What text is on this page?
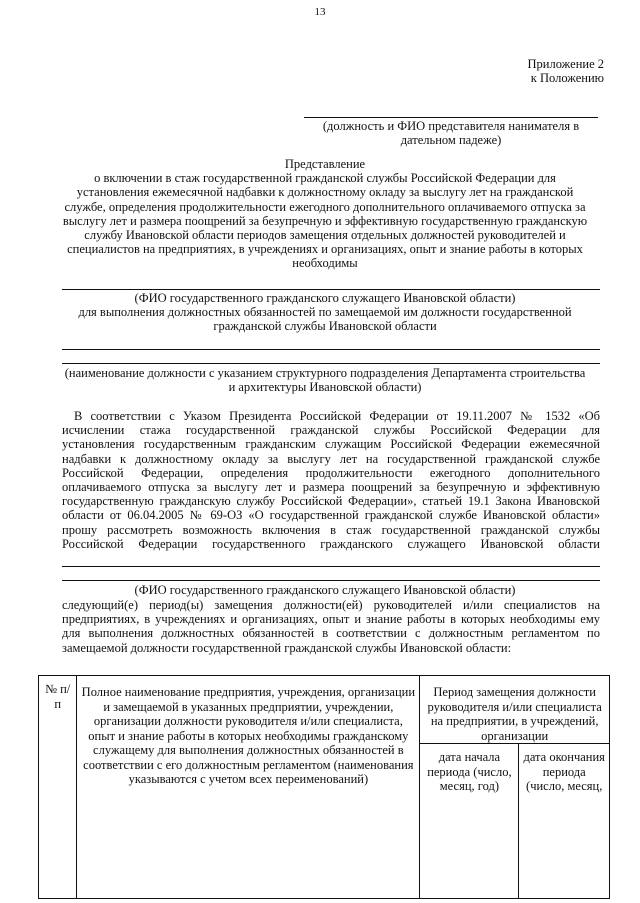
13
Приложение 2
к Положению
(должность и ФИО представителя нанимателя в
дательном падеже)
Представление
о включении в стаж государственной гражданской службы Российской Федерации для
установления ежемесячной надбавки к должностному окладу за выслугу лет на гражданской
службе, определения продолжительности ежегодного дополнительного оплачиваемого отпуска за
выслугу лет и размера поощрений за безупречную и эффективную государственную гражданскую
службу Ивановской области периодов замещения отдельных должностей руководителей и
специалистов на предприятиях, в учреждениях и организациях, опыт и знание работы в которых
необходимы
(ФИО государственного гражданского служащего Ивановской области)
для выполнения должностных обязанностей по замещаемой им должности государственной
гражданской службы Ивановской области
(наименование должности с указанием структурного подразделения Департамента строительства
и архитектуры Ивановской области)
В соответствии с Указом Президента Российской Федерации от 19.11.2007 № 1532 «Об
исчислении стажа государственной гражданской службы Российской Федерации для
установления государственным гражданским служащим Российской Федерации ежемесячной
надбавки к должностному окладу за выслугу лет на государственной гражданской службе
Российской Федерации, определения продолжительности ежегодного дополнительного
оплачиваемого отпуска за выслугу лет и размера поощрений за безупречную и эффективную
государственную гражданскую службу Российской Федерации», статьей 19.1 Закона Ивановской
области от 06.04.2005 № 69-ОЗ «О государственной гражданской службе Ивановской области»
прошу рассмотреть возможность включения в стаж государственной гражданской службы
Российской Федерации государственного гражданского служащего Ивановской области
(ФИО государственного гражданского служащего Ивановской области)
следующий(е) период(ы) замещения должности(ей) руководителей и/или специалистов на
предприятиях, в учреждениях и организациях, опыт и знание работы в которых необходимы ему
для выполнения должностных обязанностей в соответствии с должностным регламентом по
замещаемой должности государственной гражданской службы Ивановской области:
№ п/п	Полное наименование предприятия, учреждения, организации и замещаемой в указанных предприятии, учреждении, организации должности руководителя и/или специалиста, опыт и знание работы в которых необходимы гражданскому служащему для выполнения должностных обязанностей в соответствии с его должностным регламентом (наименования указываются с учетом всех переименований)	Период замещения должности руководителя и/или специалиста на предприятии, в учреждений, организации	
		дата начала периода (число, месяц, год)	дата окончания периода (число, месяц,
